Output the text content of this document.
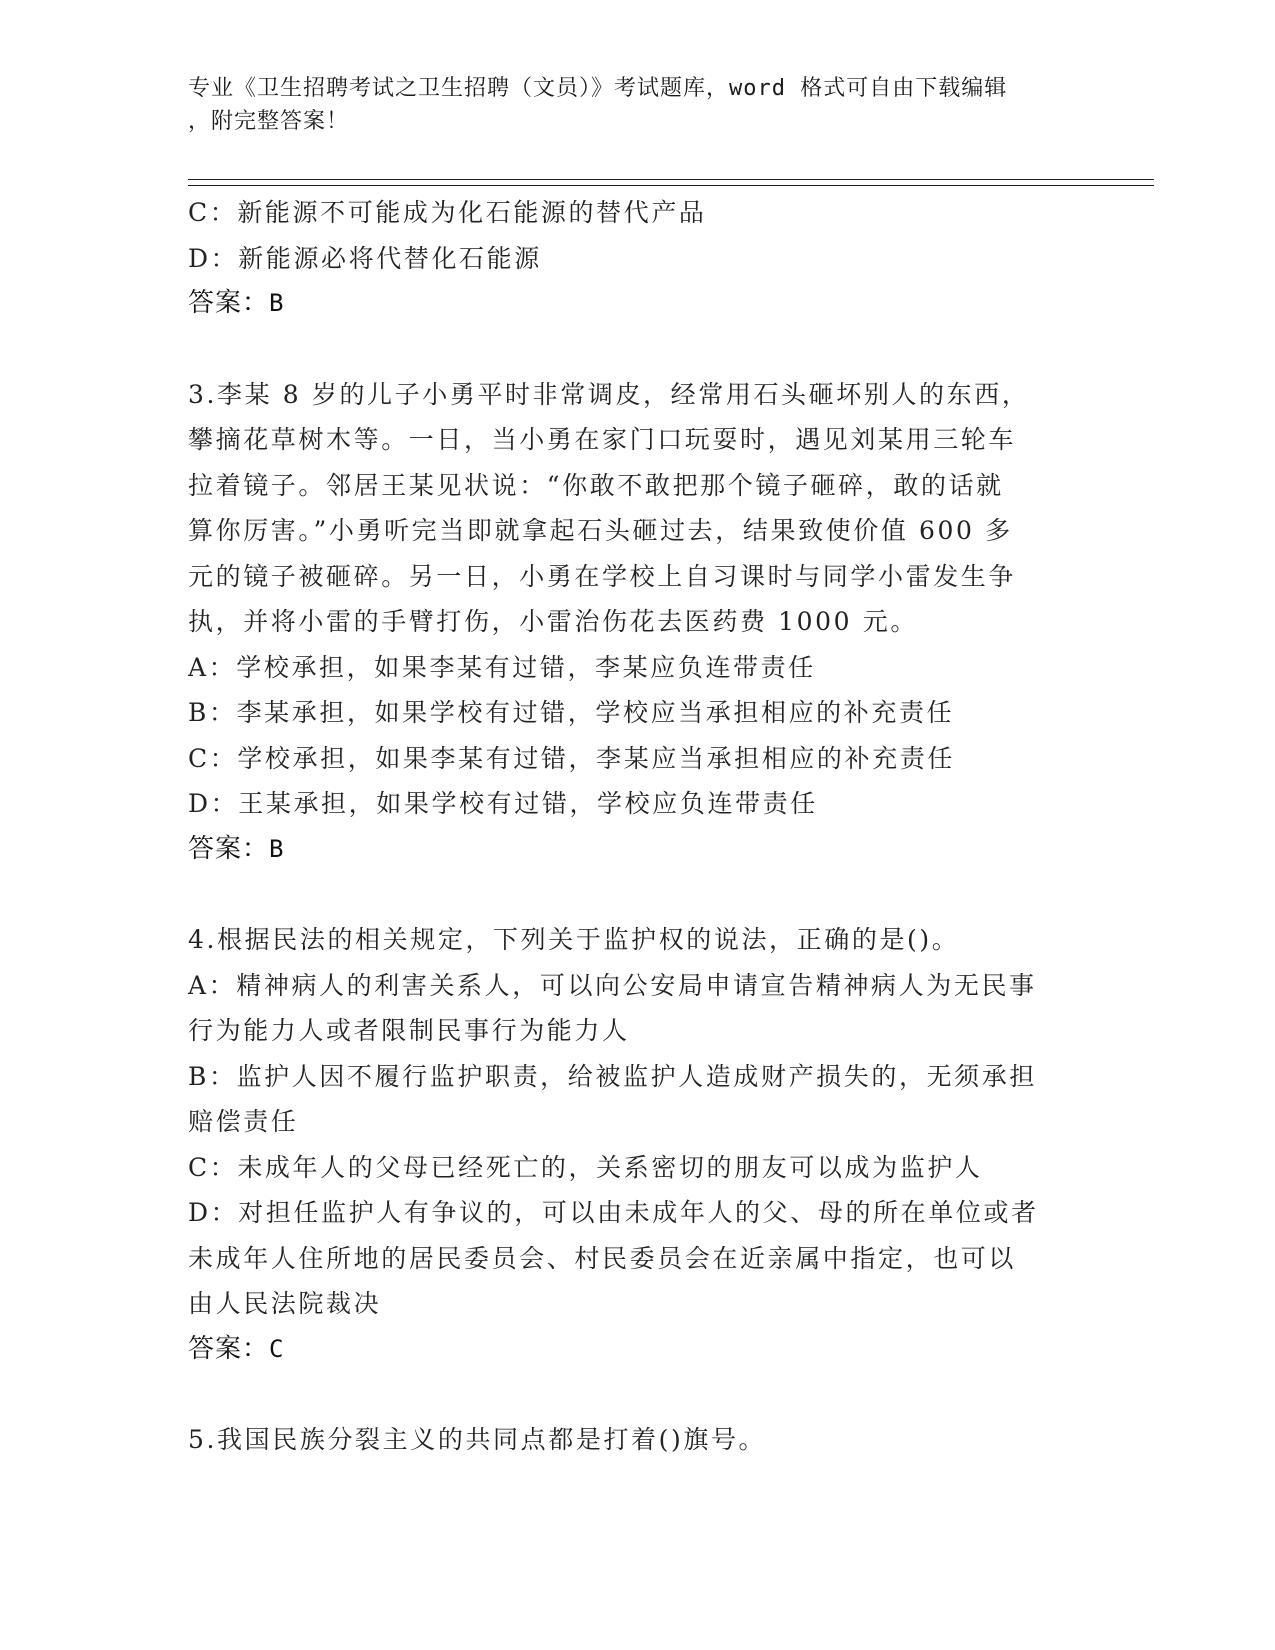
专业《卫生招聘考试之卫生招聘（文员）》考试题库，word 格式可自由下载编辑
，附完整答案！
C：新能源不可能成为化石能源的替代产品
D：新能源必将代替化石能源
答案：B
3.李某 8 岁的儿子小勇平时非常调皮，经常用石头砸坏别人的东西，
攀摘花草树木等。一日，当小勇在家门口玩耍时，遇见刘某用三轮车
拉着镜子。邻居王某见状说：“你敢不敢把那个镜子砸碎，敢的话就
算你厉害。”小勇听完当即就拿起石头砸过去，结果致使价值 600 多
元的镜子被砸碎。另一日，小勇在学校上自习课时与同学小雷发生争
执，并将小雷的手臂打伤，小雷治伤花去医药费 1000 元。
A：学校承担，如果李某有过错，李某应负连带责任
B：李某承担，如果学校有过错，学校应当承担相应的补充责任
C：学校承担，如果李某有过错，李某应当承担相应的补充责任
D：王某承担，如果学校有过错，学校应负连带责任
答案：B
4.根据民法的相关规定，下列关于监护权的说法，正确的是()。
A：精神病人的利害关系人，可以向公安局申请宣告精神病人为无民事
行为能力人或者限制民事行为能力人
B：监护人因不履行监护职责，给被监护人造成财产损失的，无须承担
赔偿责任
C：未成年人的父母已经死亡的，关系密切的朋友可以成为监护人
D：对担任监护人有争议的，可以由未成年人的父、母的所在单位或者
未成年人住所地的居民委员会、村民委员会在近亲属中指定，也可以
由人民法院裁决
答案：C
5.我国民族分裂主义的共同点都是打着()旗号。
